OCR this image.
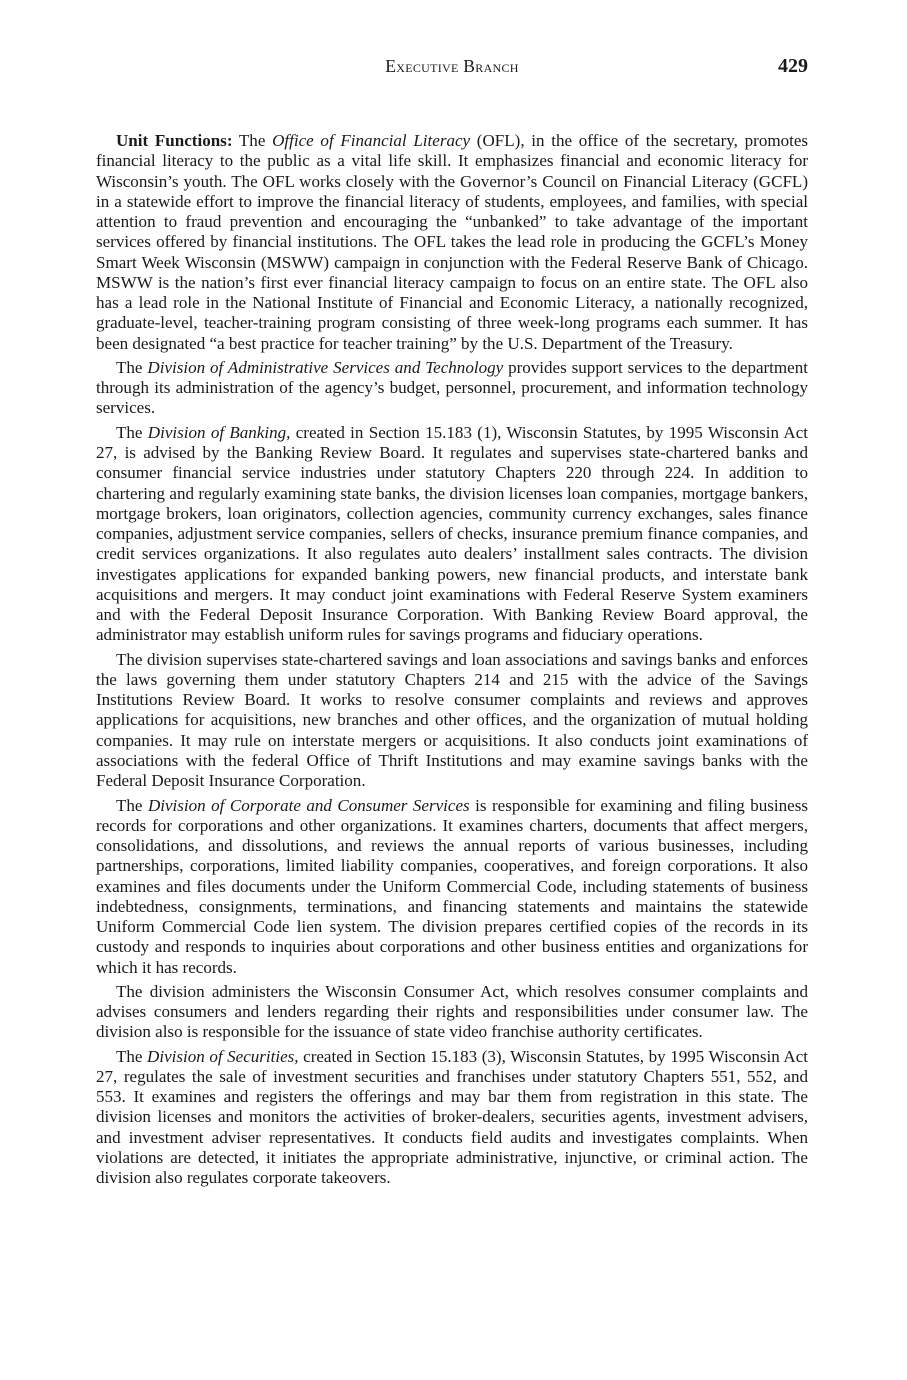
Executive Branch	429

Unit Functions: The Office of Financial Literacy (OFL), in the office of the secretary, promotes financial literacy to the public as a vital life skill. It emphasizes financial and economic literacy for Wisconsin’s youth. The OFL works closely with the Governor’s Council on Financial Literacy (GCFL) in a statewide effort to improve the financial literacy of students, employees, and families, with special attention to fraud prevention and encouraging the “unbanked” to take advantage of the important services offered by financial institutions. The OFL takes the lead role in producing the GCFL’s Money Smart Week Wisconsin (MSWW) campaign in conjunction with the Federal Reserve Bank of Chicago. MSWW is the nation’s first ever financial literacy campaign to focus on an entire state. The OFL also has a lead role in the National Institute of Financial and Economic Literacy, a nationally recognized, graduate-level, teacher-training program consisting of three week-long programs each summer. It has been designated “a best practice for teacher training” by the U.S. Department of the Treasury.

The Division of Administrative Services and Technology provides support services to the department through its administration of the agency’s budget, personnel, procurement, and information technology services.

The Division of Banking, created in Section 15.183 (1), Wisconsin Statutes, by 1995 Wisconsin Act 27, is advised by the Banking Review Board. It regulates and supervises state-chartered banks and consumer financial service industries under statutory Chapters 220 through 224. In addition to chartering and regularly examining state banks, the division licenses loan companies, mortgage bankers, mortgage brokers, loan originators, collection agencies, community currency exchanges, sales finance companies, adjustment service companies, sellers of checks, insurance premium finance companies, and credit services organizations. It also regulates auto dealers’ installment sales contracts. The division investigates applications for expanded banking powers, new financial products, and interstate bank acquisitions and mergers. It may conduct joint examinations with Federal Reserve System examiners and with the Federal Deposit Insurance Corporation. With Banking Review Board approval, the administrator may establish uniform rules for savings programs and fiduciary operations.

The division supervises state-chartered savings and loan associations and savings banks and enforces the laws governing them under statutory Chapters 214 and 215 with the advice of the Savings Institutions Review Board. It works to resolve consumer complaints and reviews and approves applications for acquisitions, new branches and other offices, and the organization of mutual holding companies. It may rule on interstate mergers or acquisitions. It also conducts joint examinations of associations with the federal Office of Thrift Institutions and may examine savings banks with the Federal Deposit Insurance Corporation.

The Division of Corporate and Consumer Services is responsible for examining and filing business records for corporations and other organizations. It examines charters, documents that affect mergers, consolidations, and dissolutions, and reviews the annual reports of various businesses, including partnerships, corporations, limited liability companies, cooperatives, and foreign corporations. It also examines and files documents under the Uniform Commercial Code, including statements of business indebtedness, consignments, terminations, and financing statements and maintains the statewide Uniform Commercial Code lien system. The division prepares certified copies of the records in its custody and responds to inquiries about corporations and other business entities and organizations for which it has records.

The division administers the Wisconsin Consumer Act, which resolves consumer complaints and advises consumers and lenders regarding their rights and responsibilities under consumer law. The division also is responsible for the issuance of state video franchise authority certificates.

The Division of Securities, created in Section 15.183 (3), Wisconsin Statutes, by 1995 Wisconsin Act 27, regulates the sale of investment securities and franchises under statutory Chapters 551, 552, and 553. It examines and registers the offerings and may bar them from registration in this state. The division licenses and monitors the activities of broker-dealers, securities agents, investment advisers, and investment adviser representatives. It conducts field audits and investigates complaints. When violations are detected, it initiates the appropriate administrative, injunctive, or criminal action. The division also regulates corporate takeovers.
